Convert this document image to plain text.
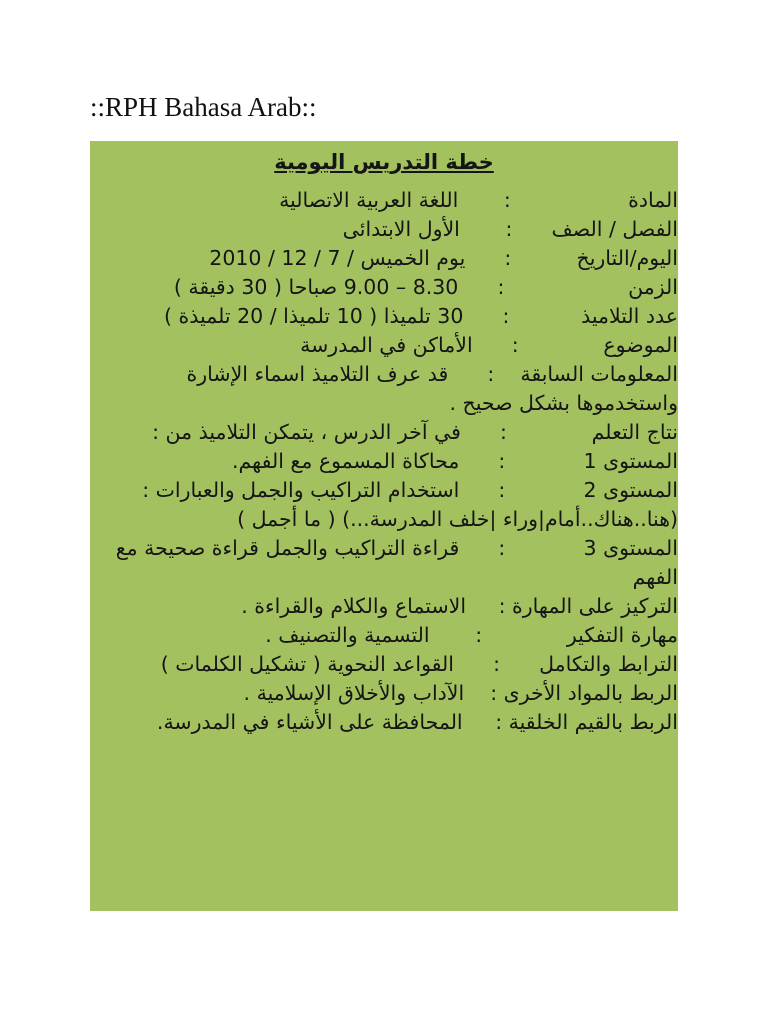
::RPH Bahasa Arab::
خطة التدريس اليومية

المادة                  :       اللغة العربية الاتصالية

الفصل / الصف      :       الأول الابتدائى

اليوم/التاريخ          :      يوم الخميس / 7 / 12 / 2010

الزمن                   :      8.30 – 9.00 صباحا ( 30 دقيقة )

عدد التلاميذ           :      30 تلميذا ( 10 تلميذا / 20 تلميذة )

الموضوع             :      الأماكن في المدرسة

المعلومات السابقة    :      قد عرف التلاميذ اسماء الإشارة واستخدموها بشكل صحيح .

نتاج التعلم             :      في آخر الدرس ، يتمكن التلاميذ من :

المستوى 1            :      محاكاة المسموع مع الفهم.

المستوى 2            :      استخدام التراكيب والجمل والعبارات : (هنا..هناك..أمام|وراء |خلف المدرسة...) ( ما أجمل )

المستوى 3            :      قراءة التراكيب والجمل قراءة صحيحة مع الفهم

التركيز على المهارة :     الاستماع والكلام والقراءة .

مهارة التفكير             :       التسمية والتصنيف .

الترابط والتكامل      :      القواعد النحوية ( تشكيل الكلمات )

الربط بالمواد الأخرى :    الآداب والأخلاق الإسلامية .

الربط بالقيم الخلقية :     المحافظة على الأشياء في المدرسة.
